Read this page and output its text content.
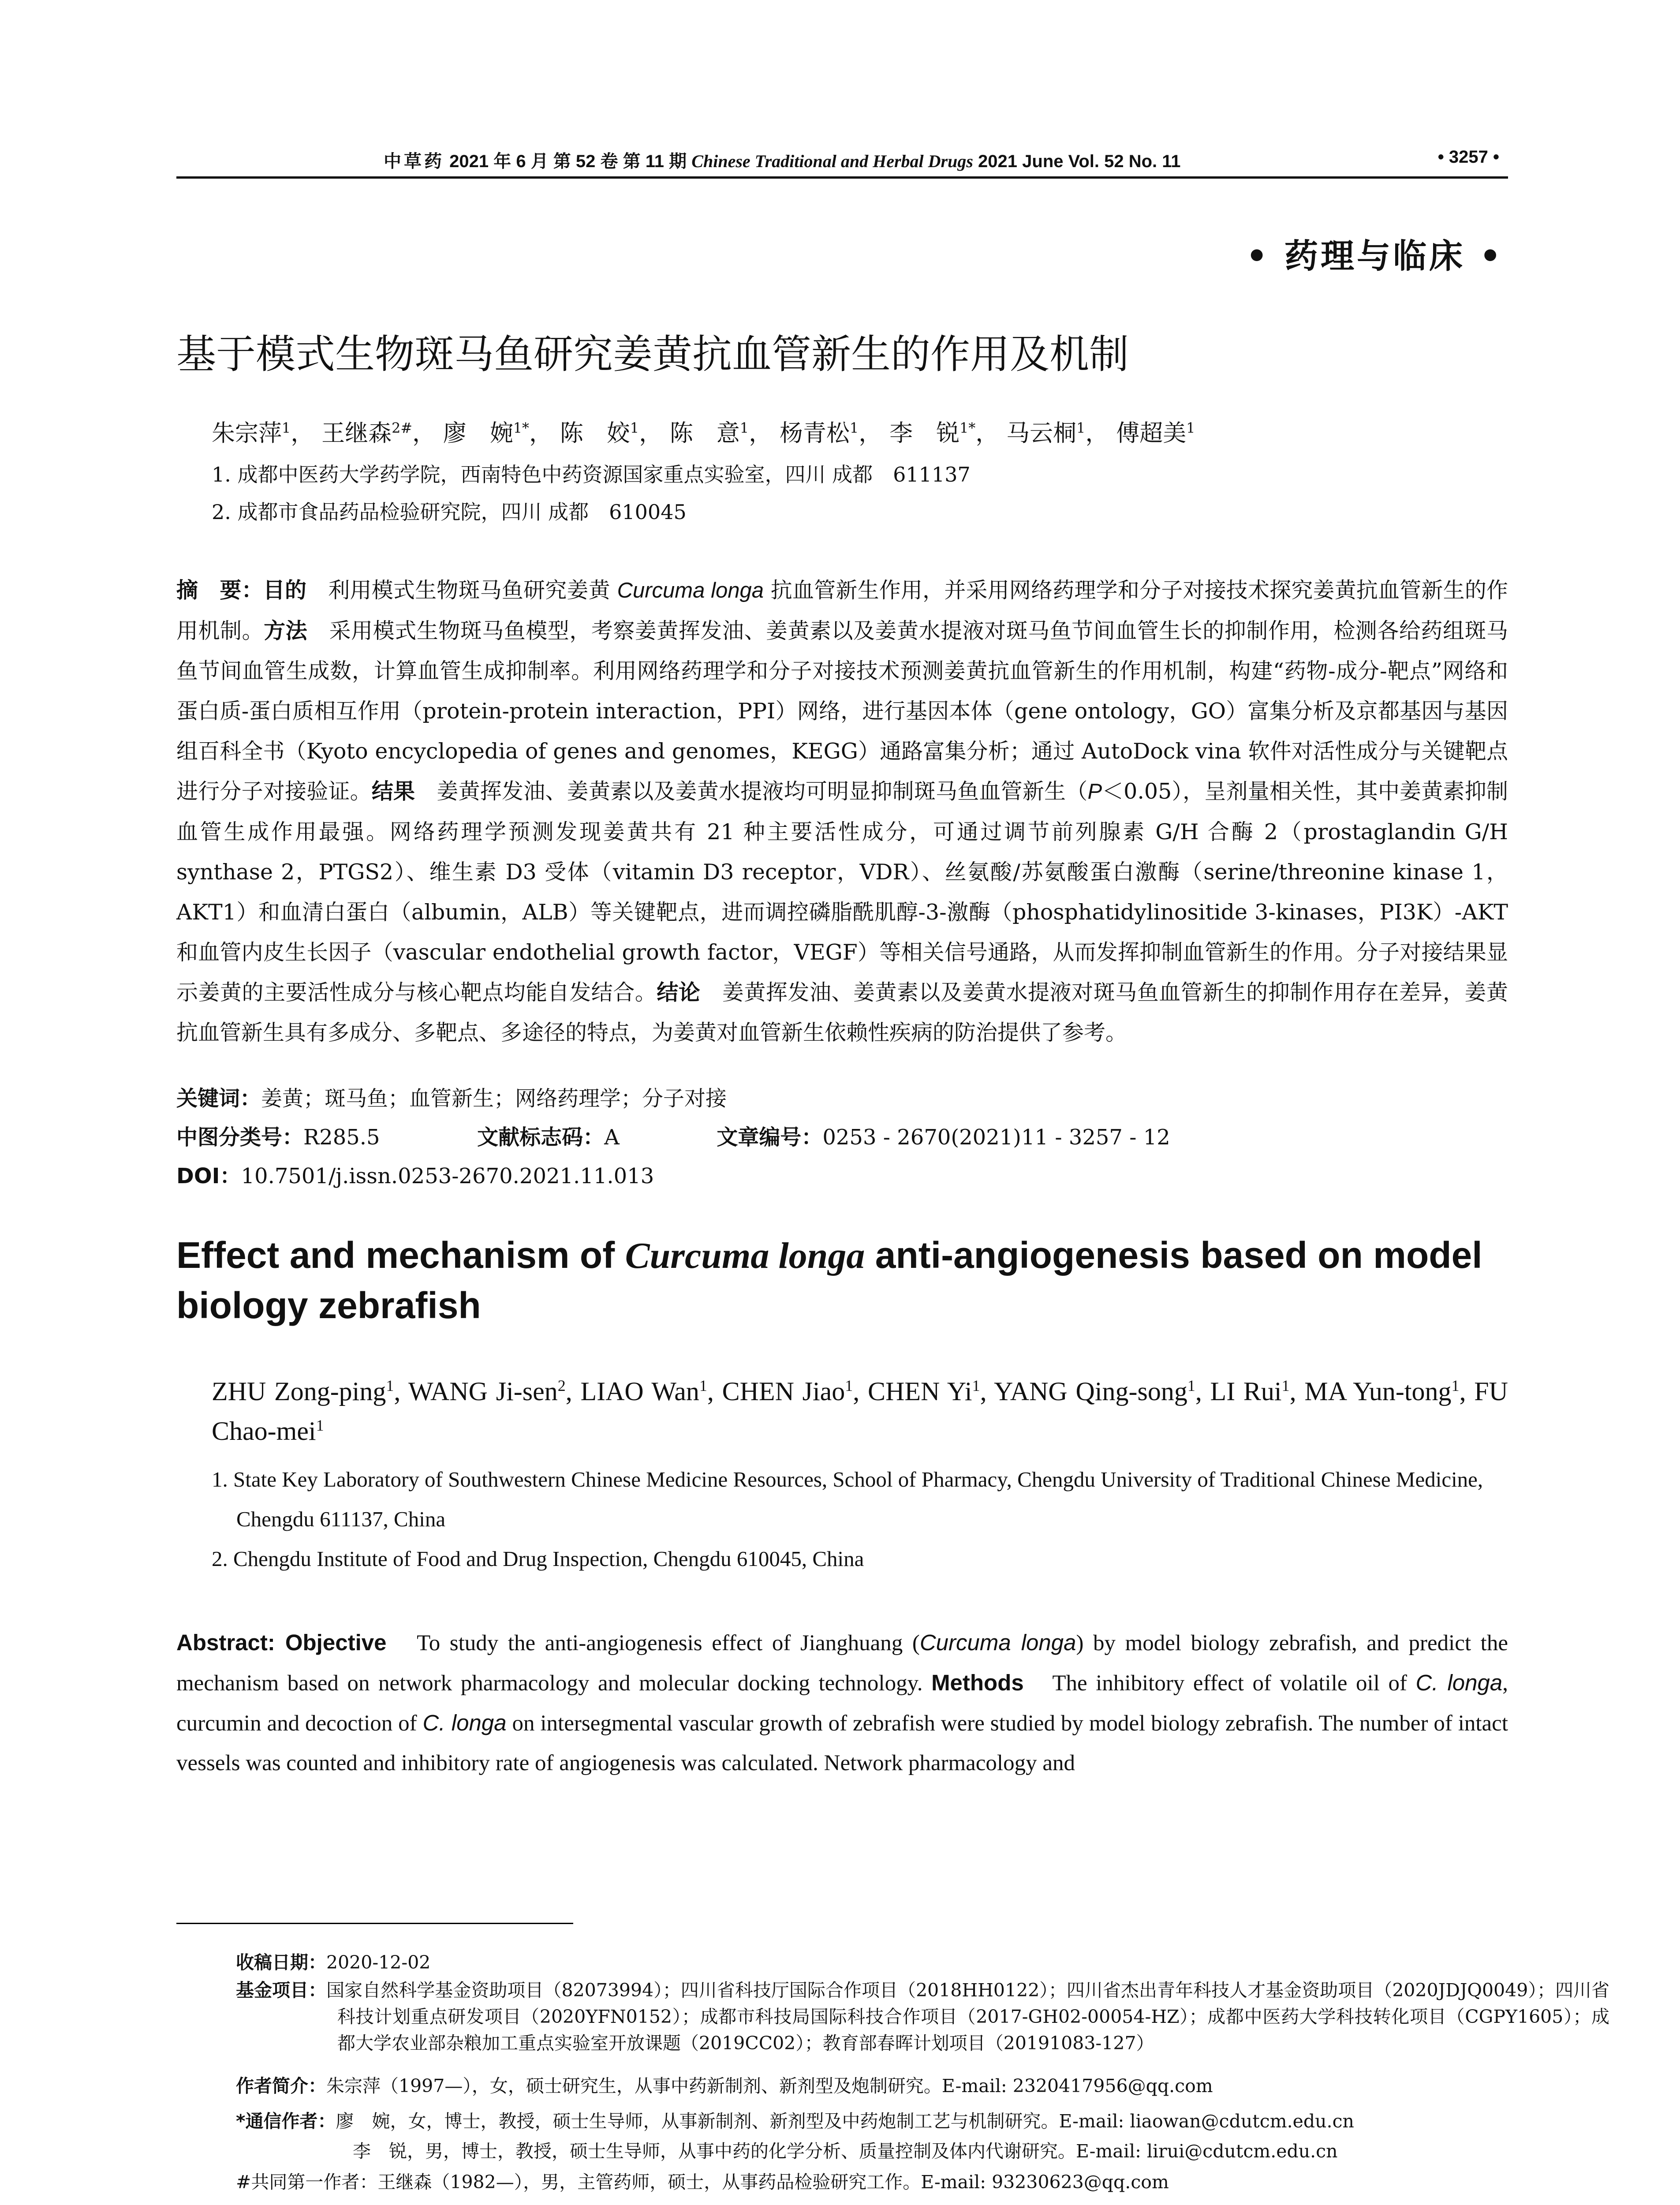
中草药 2021 年 6 月 第 52 卷 第 11 期 Chinese Traditional and Herbal Drugs 2021 June Vol. 52 No. 11	• 3257 •
• 药理与临床 •
基于模式生物斑马鱼研究姜黄抗血管新生的作用及机制
朱宗萍$^1$， 王继森$^{2\#}$， 廖　婉$^{1*}$， 陈　姣$^1$， 陈　意$^1$， 杨青松$^1$， 李　锐$^{1*}$， 马云桐$^1$， 傅超美$^1$
1. 成都中医药大学药学院，西南特色中药资源国家重点实验室，四川 成都　611137
2. 成都市食品药品检验研究院，四川 成都　610045
摘　要：目的　利用模式生物斑马鱼研究姜黄 Curcuma longa 抗血管新生作用，并采用网络药理学和分子对接技术探究姜黄抗血管新生的作用机制。方法　采用模式生物斑马鱼模型，考察姜黄挥发油、姜黄素以及姜黄水提液对斑马鱼节间血管生长的抑制作用，检测各给药组斑马鱼节间血管生成数，计算血管生成抑制率。利用网络药理学和分子对接技术预测姜黄抗血管新生的作用机制，构建“药物-成分-靶点”网络和蛋白质-蛋白质相互作用（protein-protein interaction，PPI）网络，进行基因本体（gene ontology，GO）富集分析及京都基因与基因组百科全书（Kyoto encyclopedia of genes and genomes，KEGG）通路富集分析；通过 AutoDock vina 软件对活性成分与关键靶点进行分子对接验证。结果　姜黄挥发油、姜黄素以及姜黄水提液均可明显抑制斑马鱼血管新生（P＜0.05），呈剂量相关性，其中姜黄素抑制血管生成作用最强。网络药理学预测发现姜黄共有 21 种主要活性成分，可通过调节前列腺素 G/H 合酶 2（prostaglandin G/H synthase 2，PTGS2）、维生素 D3 受体（vitamin D3 receptor，VDR）、丝氨酸/苏氨酸蛋白激酶（serine/threonine kinase 1，AKT1）和血清白蛋白（albumin，ALB）等关键靶点，进而调控磷脂酰肌醇-3-激酶（phosphatidylinositide 3-kinases，PI3K）-AKT 和血管内皮生长因子（vascular endothelial growth factor，VEGF）等相关信号通路，从而发挥抑制血管新生的作用。分子对接结果显示姜黄的主要活性成分与核心靶点均能自发结合。结论　姜黄挥发油、姜黄素以及姜黄水提液对斑马鱼血管新生的抑制作用存在差异，姜黄抗血管新生具有多成分、多靶点、多途径的特点，为姜黄对血管新生依赖性疾病的防治提供了参考。
关键词：姜黄；斑马鱼；血管新生；网络药理学；分子对接
中图分类号：R285.5	文献标志码：A	文章编号：0253 - 2670(2021)11 - 3257 - 12
DOI：10.7501/j.issn.0253-2670.2021.11.013
Effect and mechanism of Curcuma longa anti-angiogenesis based on model biology zebrafish
ZHU Zong-ping$^1$, WANG Ji-sen$^2$, LIAO Wan$^1$, CHEN Jiao$^1$, CHEN Yi$^1$, YANG Qing-song$^1$, LI Rui$^1$, MA Yun-tong$^1$, FU Chao-mei$^1$
1. State Key Laboratory of Southwestern Chinese Medicine Resources, School of Pharmacy, Chengdu University of Traditional Chinese Medicine, Chengdu 611137, China
2. Chengdu Institute of Food and Drug Inspection, Chengdu 610045, China
Abstract: Objective　To study the anti-angiogenesis effect of Jianghuang (Curcuma longa) by model biology zebrafish, and predict the mechanism based on network pharmacology and molecular docking technology. Methods　The inhibitory effect of volatile oil of C. longa, curcumin and decoction of C. longa on intersegmental vascular growth of zebrafish were studied by model biology zebrafish. The number of intact vessels was counted and inhibitory rate of angiogenesis was calculated. Network pharmacology and
收稿日期：2020-12-02
基金项目：国家自然科学基金资助项目（82073994）；四川省科技厅国际合作项目（2018HH0122）；四川省杰出青年科技人才基金资助项目（2020JDJQ0049）；四川省科技计划重点研发项目（2020YFN0152）；成都市科技局国际科技合作项目（2017-GH02-00054-HZ）；成都中医药大学科技转化项目（CGPY1605）；成都大学农业部杂粮加工重点实验室开放课题（2019CC02）；教育部春晖计划项目（20191083-127）
作者简介：朱宗萍（1997—），女，硕士研究生，从事中药新制剂、新剂型及炮制研究。E-mail: 2320417956@qq.com
*通信作者：廖　婉，女，博士，教授，硕士生导师，从事新制剂、新剂型及中药炮制工艺与机制研究。E-mail: liaowan@cdutcm.edu.cn
李　锐，男，博士，教授，硕士生导师，从事中药的化学分析、质量控制及体内代谢研究。E-mail: lirui@cdutcm.edu.cn
#共同第一作者：王继森（1982—），男，主管药师，硕士，从事药品检验研究工作。E-mail: 93230623@qq.com
